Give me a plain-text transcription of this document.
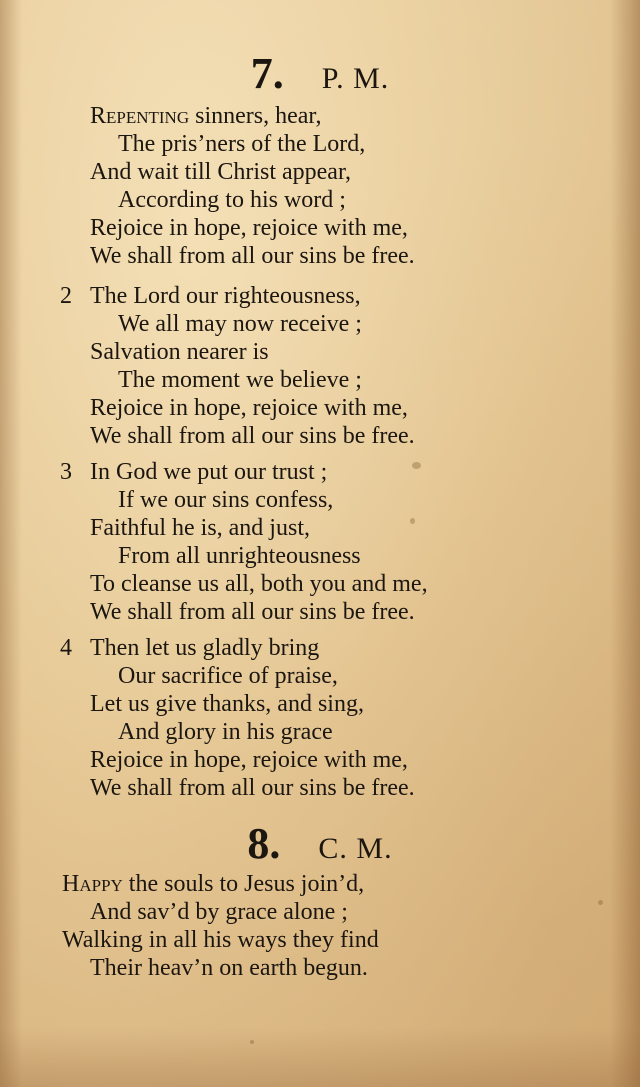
7. P. M.
Repenting sinners, hear,
The pris’ners of the Lord,
And wait till Christ appear,
According to his word ;
Rejoice in hope, rejoice with me,
We shall from all our sins be free.
2 The Lord our righteousness,
We all may now receive ;
Salvation nearer is
The moment we believe ;
Rejoice in hope, rejoice with me,
We shall from all our sins be free.
3 In God we put our trust ;
If we our sins confess,
Faithful he is, and just,
From all unrighteousness
To cleanse us all, both you and me,
We shall from all our sins be free.
4 Then let us gladly bring
Our sacrifice of praise,
Let us give thanks, and sing,
And glory in his grace
Rejoice in hope, rejoice with me,
We shall from all our sins be free.
8. C. M.
Happy the souls to Jesus join’d,
And sav’d by grace alone ;
Walking in all his ways they find
Their heav’n on earth begun.
